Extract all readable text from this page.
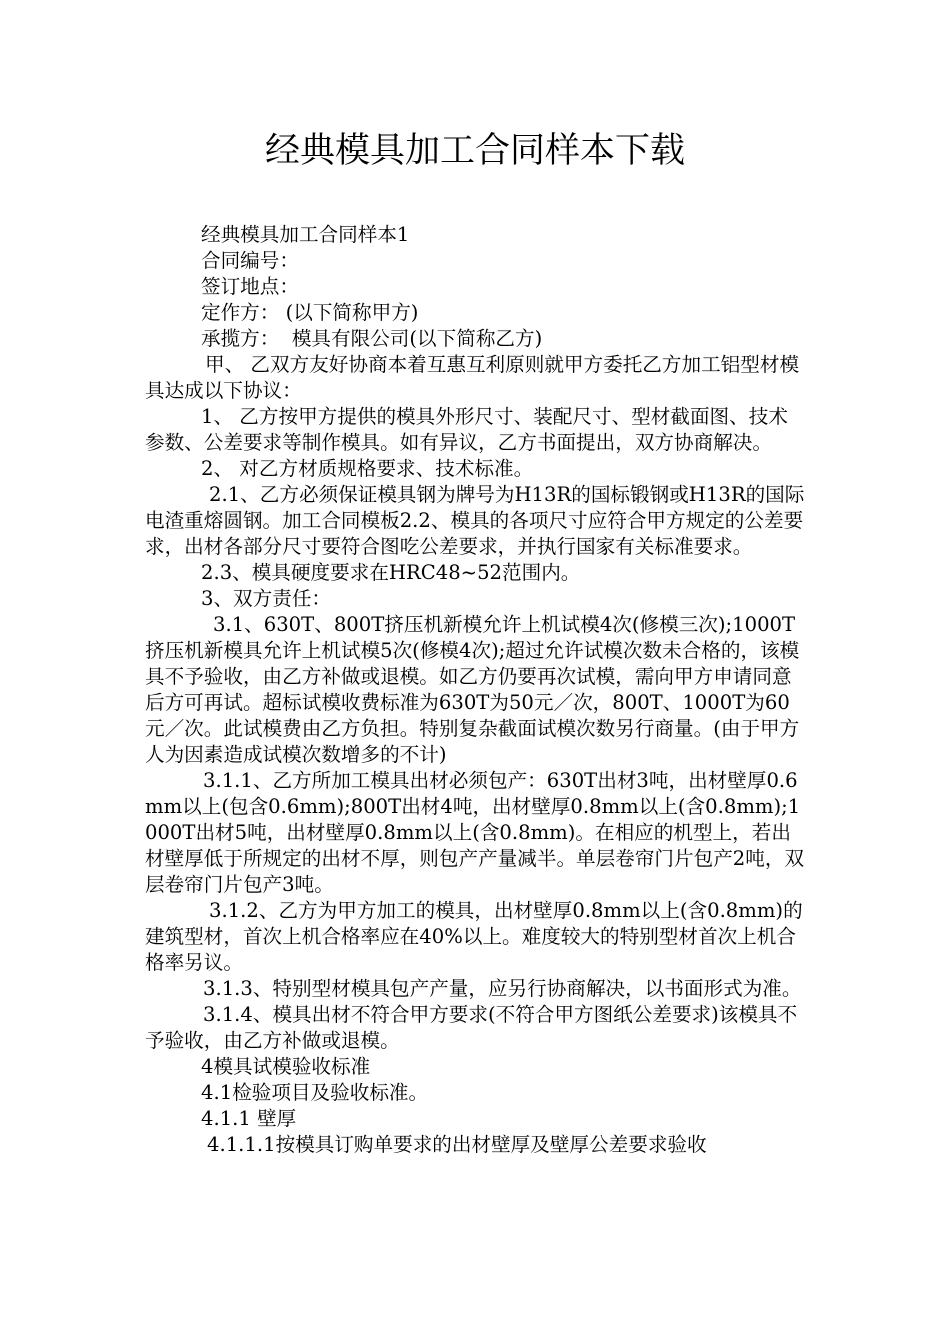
经典模具加工合同样本下载

经典模具加工合同样本1

合同编号：

签订地点：

定作方： (以下简称甲方)

承揽方：  模具有限公司(以下简称乙方)

甲、 乙双方友好协商本着互惠互利原则就甲方委托乙方加工铝型材模具达成以下协议：

1、 乙方按甲方提供的模具外形尺寸、装配尺寸、型材截面图、技术参数、公差要求等制作模具。如有异议，乙方书面提出，双方协商解决。

2、 对乙方材质规格要求、技术标准。

2.1、乙方必须保证模具钢为牌号为H13R的国标锻钢或H13R的国际电渣重熔圆钢。加工合同模板2.2、模具的各项尺寸应符合甲方规定的公差要求，出材各部分尺寸要符合图吃公差要求，并执行国家有关标准要求。

2.3、模具硬度要求在HRC48~52范围内。

3、双方责任：

3.1、630T、800T挤压机新模允许上机试模4次(修模三次);1000T挤压机新模具允许上机试模5次(修模4次);超过允许试模次数未合格的，该模具不予验收，由乙方补做或退模。如乙方仍要再次试模，需向甲方申请同意后方可再试。超标试模收费标准为630T为50元／次，800T、1000T为60元／次。此试模费由乙方负担。特别复杂截面试模次数另行商量。(由于甲方人为因素造成试模次数增多的不计)

3.1.1、乙方所加工模具出材必须包产：630T出材3吨，出材壁厚0.6mm以上(包含0.6mm);800T出材4吨，出材壁厚0.8mm以上(含0.8mm);1000T出材5吨，出材壁厚0.8mm以上(含0.8mm)。在相应的机型上，若出材壁厚低于所规定的出材不厚，则包产产量减半。单层卷帘门片包产2吨，双层卷帘门片包产3吨。

3.1.2、乙方为甲方加工的模具，出材壁厚0.8mm以上(含0.8mm)的建筑型材，首次上机合格率应在40%以上。难度较大的特别型材首次上机合格率另议。

3.1.3、特别型材模具包产产量，应另行协商解决，以书面形式为准。

3.1.4、模具出材不符合甲方要求(不符合甲方图纸公差要求)该模具不予验收，由乙方补做或退模。

4模具试模验收标准

4.1检验项目及验收标准。

4.1.1 壁厚

4.1.1.1按模具订购单要求的出材壁厚及壁厚公差要求验收
